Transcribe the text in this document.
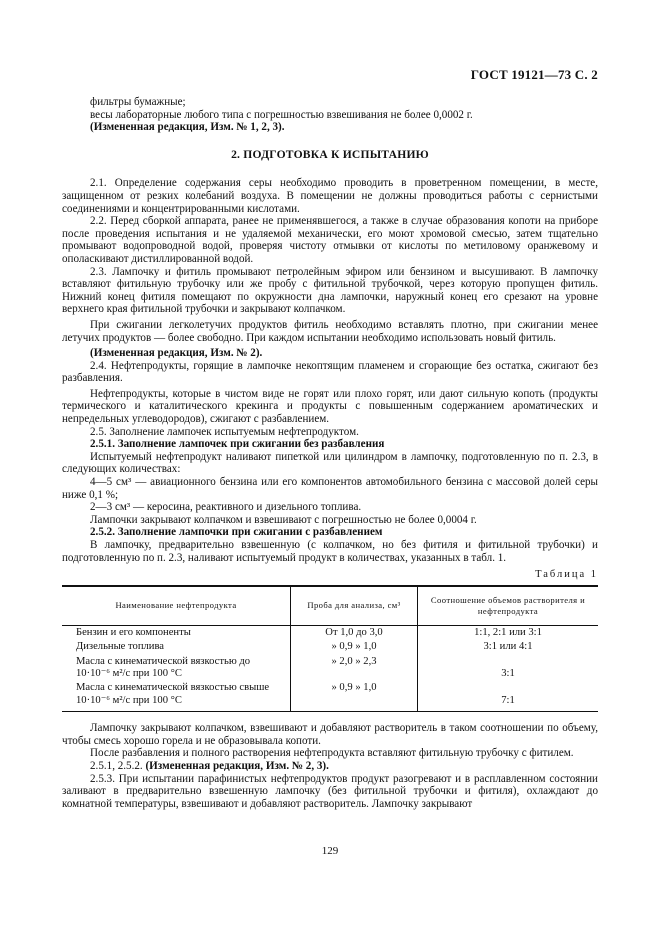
ГОСТ 19121—73 С. 2

фильтры бумажные;

весы лабораторные любого типа с погрешностью взвешивания не более 0,0002 г.

(Измененная редакция, Изм. № 1, 2, 3).

2. ПОДГОТОВКА К ИСПЫТАНИЮ

2.1. Определение содержания серы необходимо проводить в проветренном помещении, в месте, защищенном от резких колебаний воздуха. В помещении не должны проводиться работы с сернистыми соединениями и концентрированными кислотами.

2.2. Перед сборкой аппарата, ранее не применявшегося, а также в случае образования копоти на приборе после проведения испытания и не удаляемой механически, его моют хромовой смесью, затем тщательно промывают водопроводной водой, проверяя чистоту отмывки от кислоты по метиловому оранжевому и ополаскивают дистиллированной водой.

2.3. Лампочку и фитиль промывают петролейным эфиром или бензином и высушивают. В лампочку вставляют фитильную трубочку или же пробу с фитильной трубочкой, через которую пропущен фитиль. Нижний конец фитиля помещают по окружности дна лампочки, наружный конец его срезают на уровне верхнего края фитильной трубочки и закрывают колпачком.

При сжигании легколетучих продуктов фитиль необходимо вставлять плотно, при сжигании менее летучих продуктов — более свободно. При каждом испытании необходимо использовать новый фитиль.

(Измененная редакция, Изм. № 2).

2.4. Нефтепродукты, горящие в лампочке некоптящим пламенем и сгорающие без остатка, сжигают без разбавления.

Нефтепродукты, которые в чистом виде не горят или плохо горят, или дают сильную копоть (продукты термического и каталитического крекинга и продукты с повышенным содержанием ароматических и непредельных углеводородов), сжигают с разбавлением.

2.5. Заполнение лампочек испытуемым нефтепродуктом.

2.5.1. Заполнение лампочек при сжигании без разбавления

Испытуемый нефтепродукт наливают пипеткой или цилиндром в лампочку, подготовленную по п. 2.3, в следующих количествах:

4—5 см³ — авиационного бензина или его компонентов автомобильного бензина с массовой долей серы ниже 0,1 %;

2—3 см³ — керосина, реактивного и дизельного топлива.

Лампочки закрывают колпачком и взвешивают с погрешностью не более 0,0004 г.

2.5.2. Заполнение лампочки при сжигании с разбавлением

В лампочку, предварительно взвешенную (с колпачком, но без фитиля и фитильной трубочки) и подготовленную по п. 2.3, наливают испытуемый продукт в количествах, указанных в табл. 1.

Таблица 1
Наименование нефтепродукта	Проба для анализа, см³	Соотношение объемов растворителя и нефтепродукта
Бензин и его компоненты	От 1,0 до 3,0	1:1, 2:1 или 3:1
Дизельные топлива	» 0,9 » 1,0	3:1 или 4:1
Масла с кинематической вязкостью до
10·10⁻⁶ м²/с при 100 °С	» 2,0 » 2,3	3:1
Масла с кинематической вязкостью свыше
10·10⁻⁶ м²/с при 100 °С	» 0,9 » 1,0	7:1

Лампочку закрывают колпачком, взвешивают и добавляют растворитель в таком соотношении по объему, чтобы смесь хорошо горела и не образовывала копоти.

После разбавления и полного растворения нефтепродукта вставляют фитильную трубочку с фитилем.

2.5.1, 2.5.2. (Измененная редакция, Изм. № 2, 3).

2.5.3. При испытании парафинистых нефтепродуктов продукт разогревают и в расплавленном состоянии заливают в предварительно взвешенную лампочку (без фитильной трубочки и фитиля), охлаждают до комнатной температуры, взвешивают и добавляют растворитель. Лампочку закрывают

129
